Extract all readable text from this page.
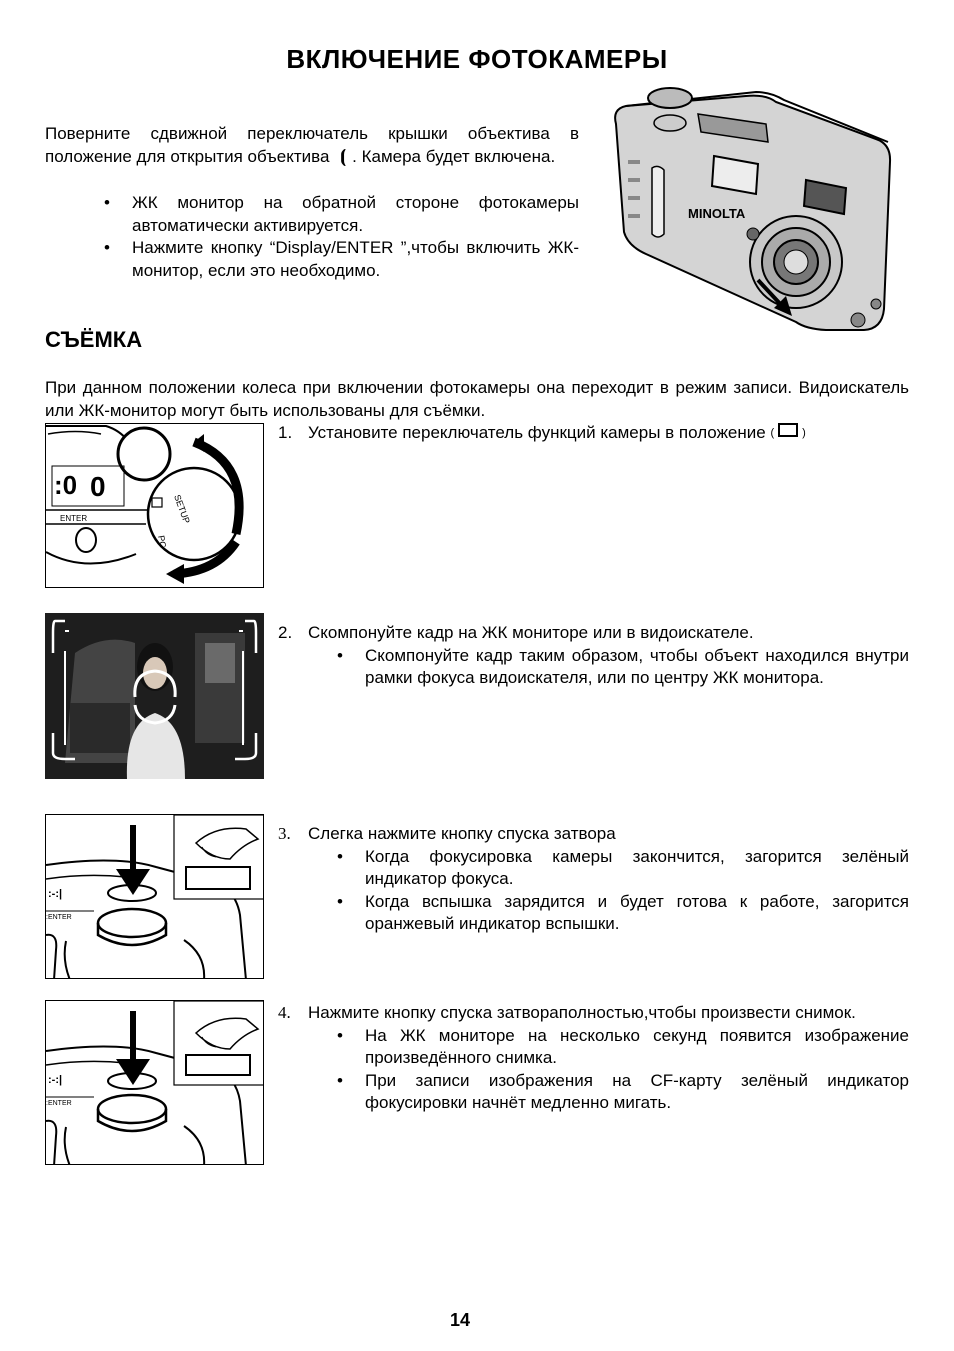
ВКЛЮЧЕНИЕ ФОТОКАМЕРЫ
Поверните сдвижной переключатель крышки объектива в положение для открытия объектива ⦗ . Камера будет включена.
• ЖК монитор на обратной стороне фотокамеры автоматически активируется.
• Нажмите кнопку “Display/ENTER ”,чтобы включить ЖК-монитор, если это необходимо.
MINOLTA
СЪЁМКА
При данном положении колеса при включении фотокамеры она переходит в режим записи. Видоискатель или ЖК-монитор могут быть использованы для съёмки.
:0 0
ENTER	SETUP
PC
1. Установите переключатель функций камеры в положение (	)
2. Скомпонуйте кадр на ЖК мониторе или в видоискателе.
• Скомпонуйте кадр таким образом, чтобы объект находился внутри рамки фокуса видоискателя, или по центру ЖК монитора.
:‑:|
:ENTER
3.	Слегка нажмите кнопку спуска затвора
• Когда фокусировка камеры закончится, загорится зелёный индикатор фокуса.
• Когда вспышка зарядится и будет готова к работе, загорится оранжевый индикатор вспышки.
:‑:|
:ENTER
4.	Нажмите кнопку спуска затвораполностью,чтобы произвести снимок.
• На ЖК мониторе на несколько секунд появится изображение произведённого снимка.
• При записи изображения на CF-карту зелёный индикатор фокусировки начнёт медленно мигать.
14
